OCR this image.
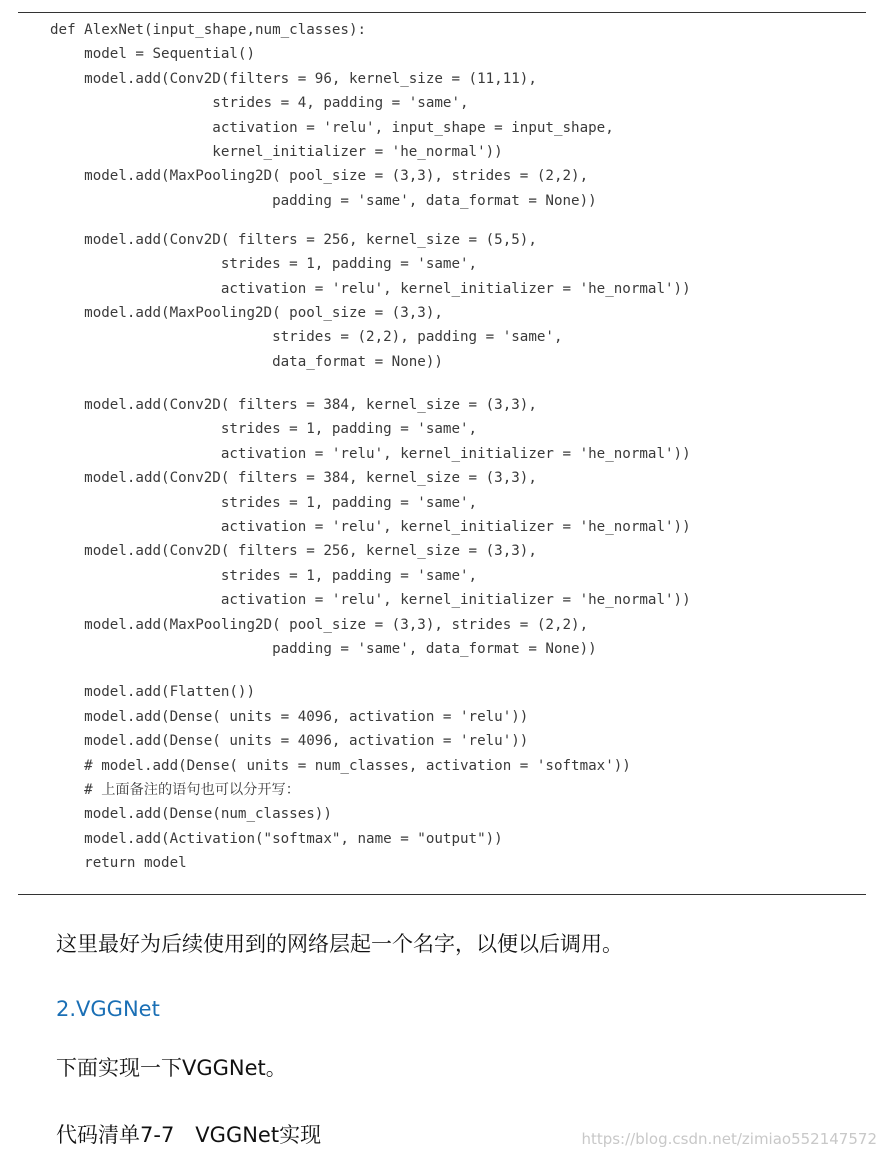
def AlexNet(input_shape,num_classes):
model = Sequential()
model.add(Conv2D(filters = 96, kernel_size = (11,11),
strides = 4, padding = 'same',
activation = 'relu', input_shape = input_shape,
kernel_initializer = 'he_normal'))
model.add(MaxPooling2D( pool_size = (3,3), strides = (2,2),
padding = 'same', data_format = None))
model.add(Conv2D( filters = 256, kernel_size = (5,5),
strides = 1, padding = 'same',
activation = 'relu', kernel_initializer = 'he_normal'))
model.add(MaxPooling2D( pool_size = (3,3),
strides = (2,2), padding = 'same',
data_format = None))
model.add(Conv2D( filters = 384, kernel_size = (3,3),
strides = 1, padding = 'same',
activation = 'relu', kernel_initializer = 'he_normal'))
model.add(Conv2D( filters = 384, kernel_size = (3,3),
strides = 1, padding = 'same',
activation = 'relu', kernel_initializer = 'he_normal'))
model.add(Conv2D( filters = 256, kernel_size = (3,3),
strides = 1, padding = 'same',
activation = 'relu', kernel_initializer = 'he_normal'))
model.add(MaxPooling2D( pool_size = (3,3), strides = (2,2),
padding = 'same', data_format = None))
model.add(Flatten())
model.add(Dense( units = 4096, activation = 'relu'))
model.add(Dense( units = 4096, activation = 'relu'))
# model.add(Dense( units = num_classes, activation = 'softmax'))
# 上面备注的语句也可以分开写：
model.add(Dense(num_classes))
model.add(Activation("softmax", name = "output"))
return model
这里最好为后续使用到的网络层起一个名字，以便以后调用。
2.VGGNet
下面实现一下VGGNet。
代码清单7-7　VGGNet实现	https://blog.csdn.net/zimiao552147572
